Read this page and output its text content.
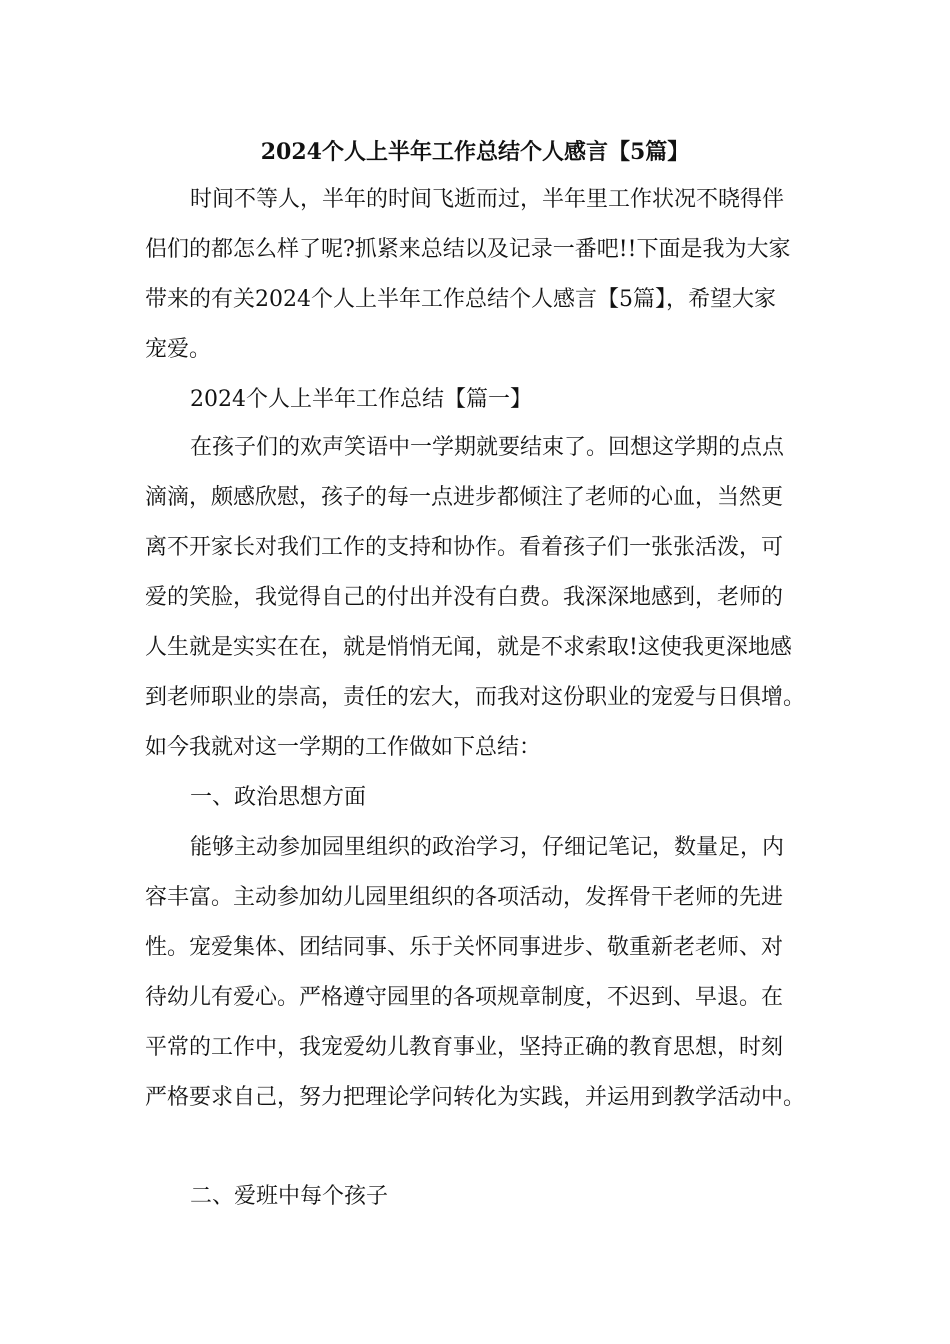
2024个人上半年工作总结个人感言【5篇】
时间不等人，半年的时间飞逝而过，半年里工作状况不晓得伴
侣们的都怎么样了呢?抓紧来总结以及记录一番吧!!下面是我为大家
带来的有关2024个人上半年工作总结个人感言【5篇】，希望大家
宠爱。
2024个人上半年工作总结【篇一】
在孩子们的欢声笑语中一学期就要结束了。回想这学期的点点
滴滴，颇感欣慰，孩子的每一点进步都倾注了老师的心血，当然更
离不开家长对我们工作的支持和协作。看着孩子们一张张活泼，可
爱的笑脸，我觉得自己的付出并没有白费。我深深地感到，老师的
人生就是实实在在，就是悄悄无闻，就是不求索取!这使我更深地感
到老师职业的崇高，责任的宏大，而我对这份职业的宠爱与日俱增。
如今我就对这一学期的工作做如下总结：
一、政治思想方面
能够主动参加园里组织的政治学习，仔细记笔记，数量足，内
容丰富。主动参加幼儿园里组织的各项活动，发挥骨干老师的先进
性。宠爱集体、团结同事、乐于关怀同事进步、敬重新老老师、对
待幼儿有爱心。严格遵守园里的各项规章制度，不迟到、早退。在
平常的工作中，我宠爱幼儿教育事业，坚持正确的教育思想，时刻
严格要求自己，努力把理论学问转化为实践，并运用到教学活动中。
二、爱班中每个孩子
